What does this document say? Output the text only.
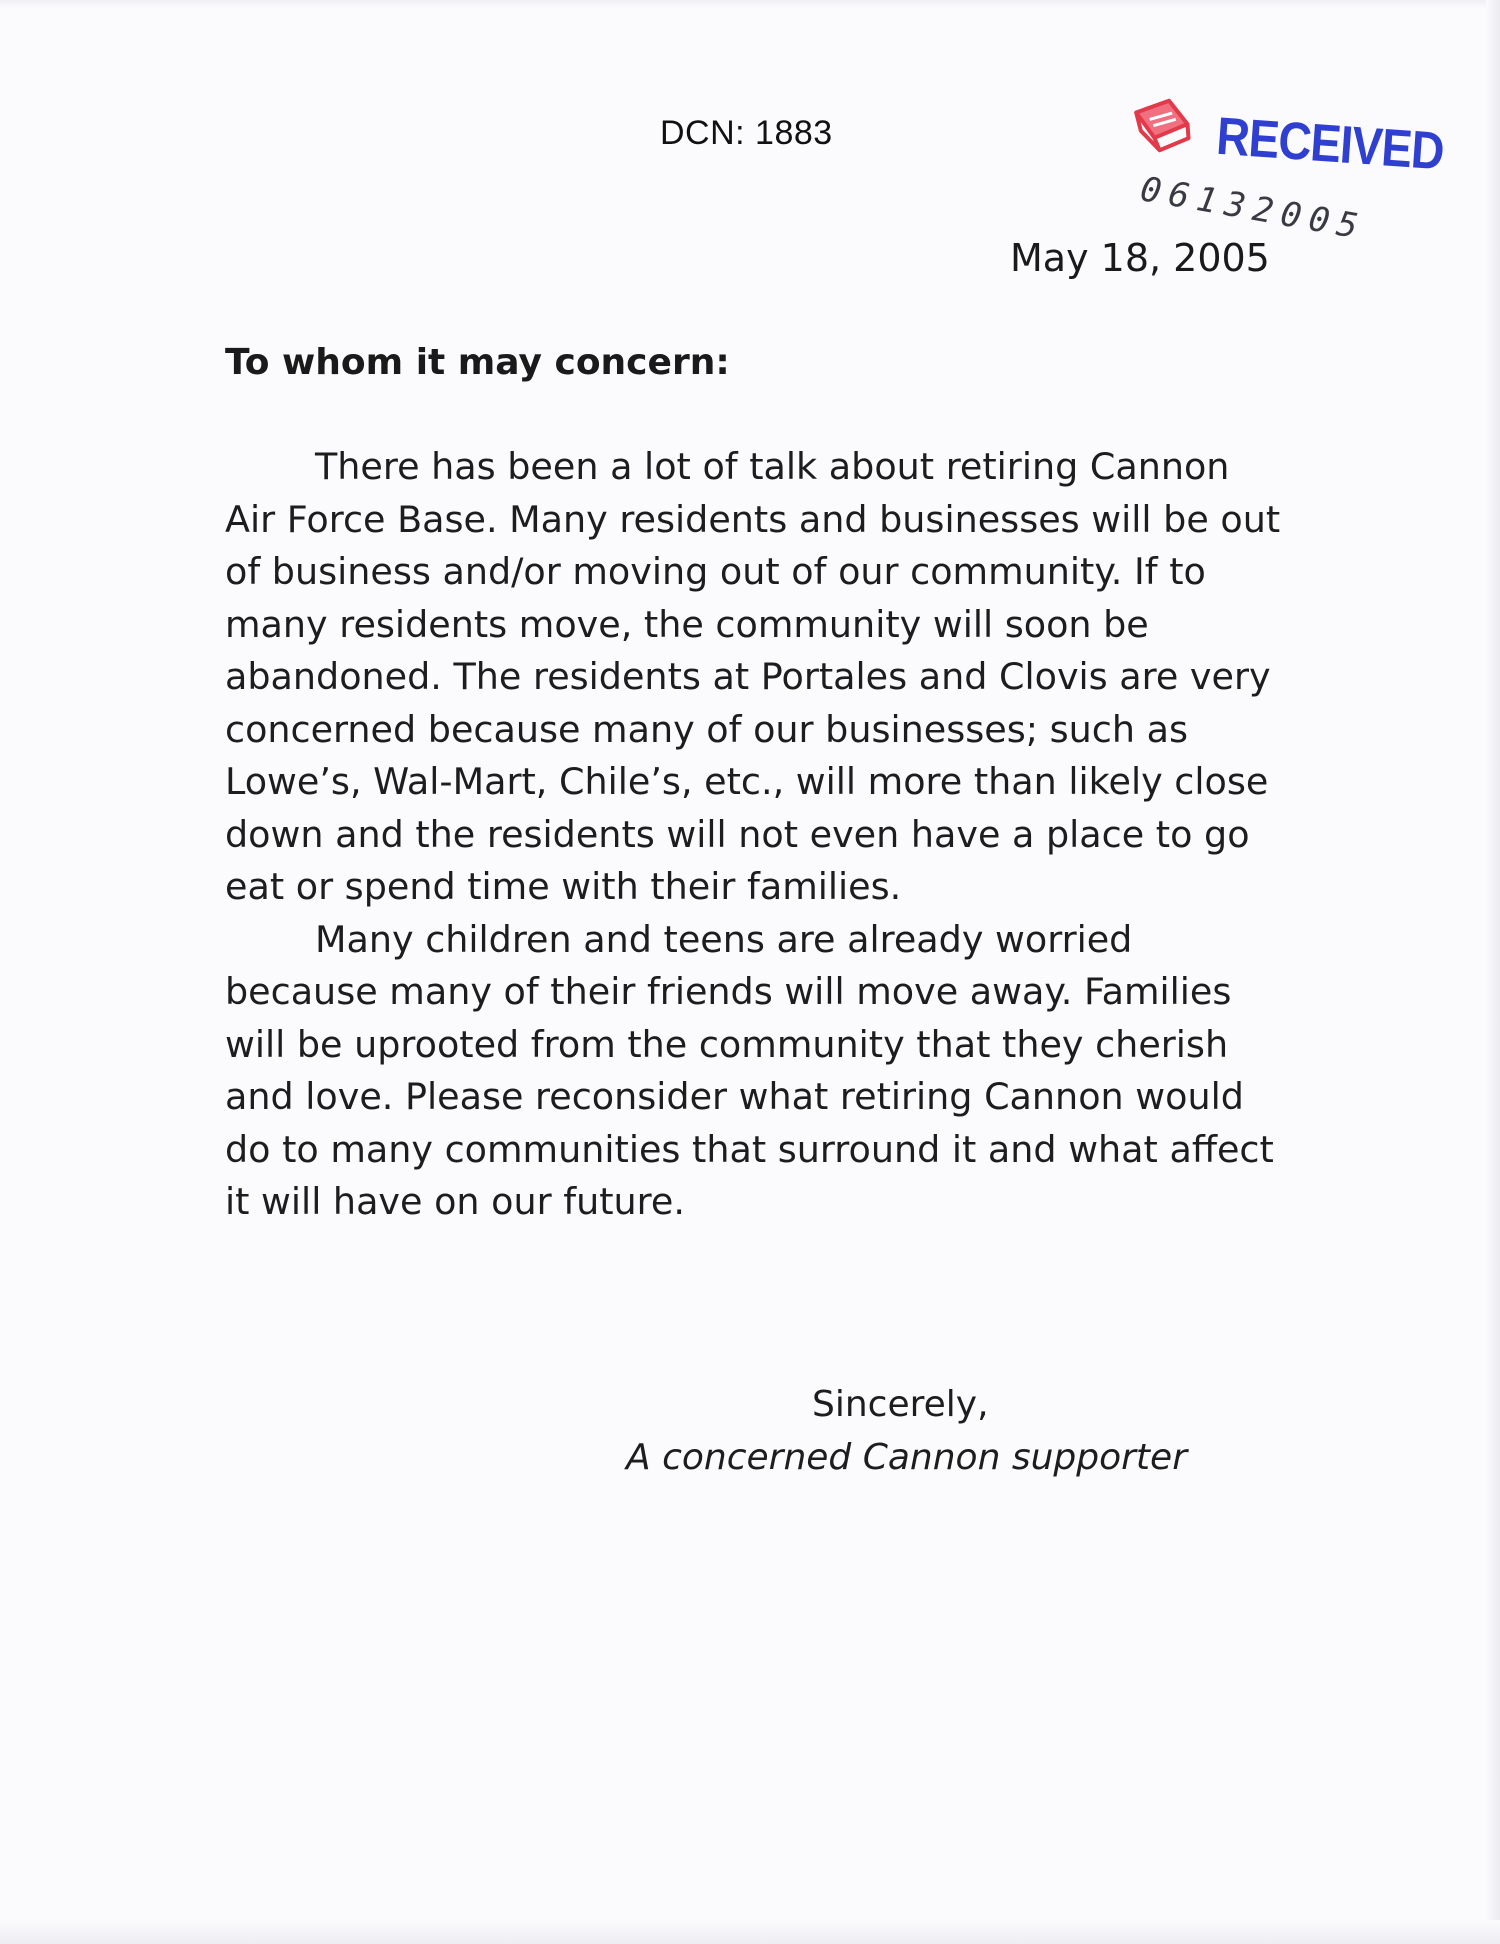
DCN: 1883	RECEIVED
06132005
May 18, 2005
To whom it may concern:

There has been a lot of talk about retiring Cannon Air Force Base. Many residents and businesses will be out of business and/or moving out of our community. If to many residents move, the community will soon be abandoned. The residents at Portales and Clovis are very concerned because many of our businesses; such as Lowe’s, Wal-Mart, Chile’s, etc., will more than likely close down and the residents will not even have a place to go eat or spend time with their families.

Many children and teens are already worried because many of their friends will move away. Families will be uprooted from the community that they cherish and love. Please reconsider what retiring Cannon would do to many communities that surround it and what affect it will have on our future.

Sincerely,
A concerned Cannon supporter
